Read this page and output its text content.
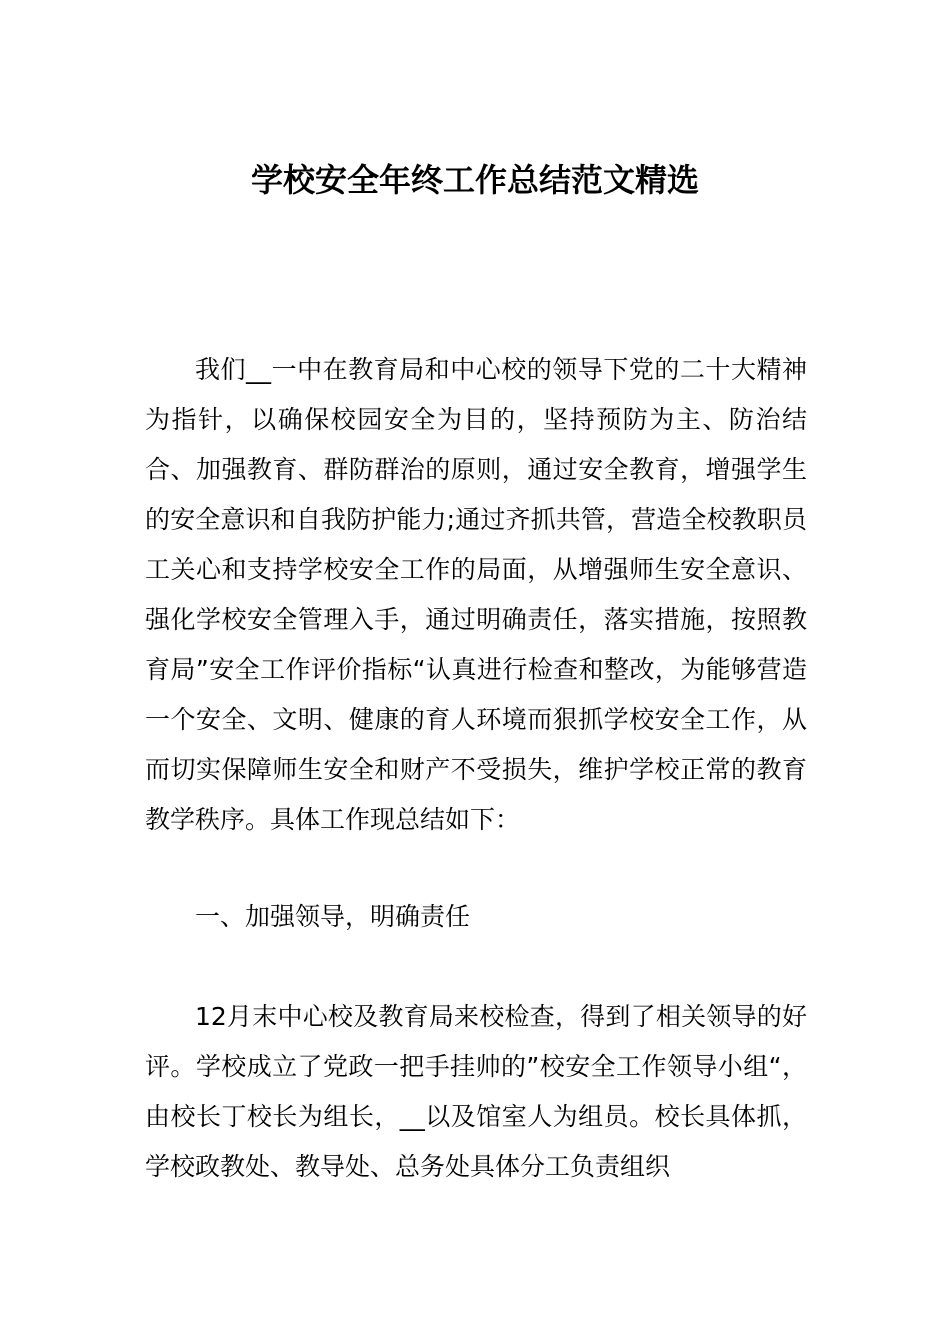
学校安全年终工作总结范文精选

我们__一中在教育局和中心校的领导下党的二十大精神为指针，以确保校园安全为目的，坚持预防为主、防治结合、加强教育、群防群治的原则，通过安全教育，增强学生的安全意识和自我防护能力;通过齐抓共管，营造全校教职员工关心和支持学校安全工作的局面，从增强师生安全意识、强化学校安全管理入手，通过明确责任，落实措施，按照教育局”安全工作评价指标“认真进行检查和整改，为能够营造一个安全、文明、健康的育人环境而狠抓学校安全工作，从而切实保障师生安全和财产不受损失，维护学校正常的教育教学秩序。具体工作现总结如下：

一、加强领导，明确责任

12月末中心校及教育局来校检查，得到了相关领导的好评。学校成立了党政一把手挂帅的”校安全工作领导小组“，由校长丁校长为组长，__以及馆室人为组员。校长具体抓，学校政教处、教导处、总务处具体分工负责组织
